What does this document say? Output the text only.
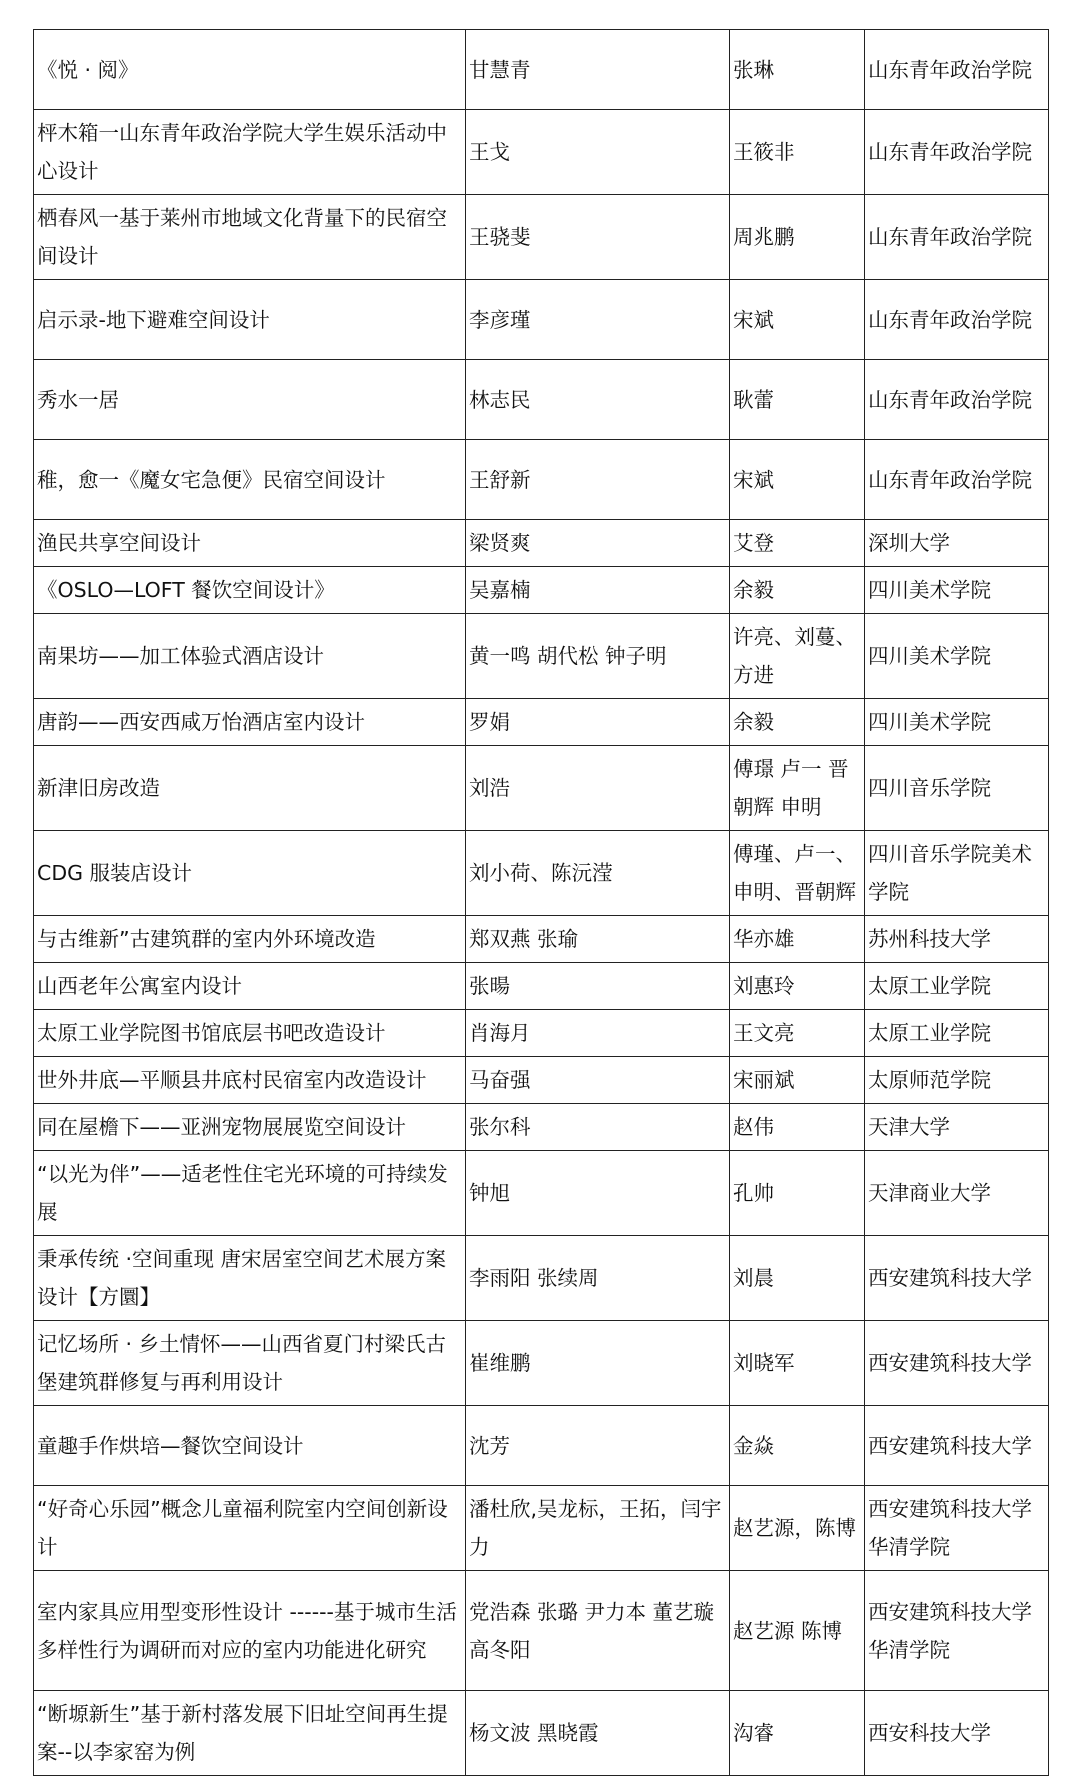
《悦 · 阅》	甘慧青	张琳	山东青年政治学院
枰木箱一山东青年政治学院大学生娱乐活动中心设计	王戈	王筱非	山东青年政治学院
栖春风一基于莱州市地域文化背量下的民宿空间设计	王骁斐	周兆鹏	山东青年政治学院
启示录-地下避难空间设计	李彦瑾	宋斌	山东青年政治学院
秀水一居	林志民	耿蕾	山东青年政治学院
稚，愈一《魔女宅急便》民宿空间设计	王舒新	宋斌	山东青年政治学院
渔民共享空间设计	梁贤爽	艾登	深圳大学
《OSLO—LOFT 餐饮空间设计》	吴嘉楠	余毅	四川美术学院
南果坊——加工体验式酒店设计	黄一鸣 胡代松 钟子明	许亮、刘蔓、方进	四川美术学院
唐韵——西安西咸万怡酒店室内设计	罗娟	余毅	四川美术学院
新津旧房改造	刘浩	傅璟 卢一 晋朝辉 申明	四川音乐学院
CDG 服装店设计	刘小荷、陈沅滢	傅瑾、卢一、申明、晋朝辉	四川音乐学院美术学院
与古维新”古建筑群的室内外环境改造	郑双燕 张瑜	华亦雄	苏州科技大学
山西老年公寓室内设计	张暘	刘惠玲	太原工业学院
太原工业学院图书馆底层书吧改造设计	肖海月	王文亮	太原工业学院
世外井底—平顺县井底村民宿室内改造设计	马奋强	宋丽斌	太原师范学院
同在屋檐下——亚洲宠物展展览空间设计	张尔科	赵伟	天津大学
“以光为伴”——适老性住宅光环境的可持续发展	钟旭	孔帅	天津商业大学
秉承传统 ·空间重现 唐宋居室空间艺术展方案设计【方圜】	李雨阳 张续周	刘晨	西安建筑科技大学
记忆场所 · 乡土情怀——山西省夏门村梁氏古堡建筑群修复与再利用设计	崔维鹏	刘晓军	西安建筑科技大学
童趣手作烘培—餐饮空间设计	沈芳	金焱	西安建筑科技大学
“好奇心乐园”概念儿童福利院室内空间创新设计	潘杜欣,吴龙标，王拓，闫宇力	赵艺源，陈博	西安建筑科技大学华清学院
室内家具应用型变形性设计 ------基于城市生活多样性行为调研而对应的室内功能进化研究	党浩森 张璐 尹力本 董艺璇 高冬阳	赵艺源 陈博	西安建筑科技大学华清学院
“断塬新生”基于新村落发展下旧址空间再生提案--以李家窑为例	杨文波 黑晓霞	沟睿	西安科技大学
